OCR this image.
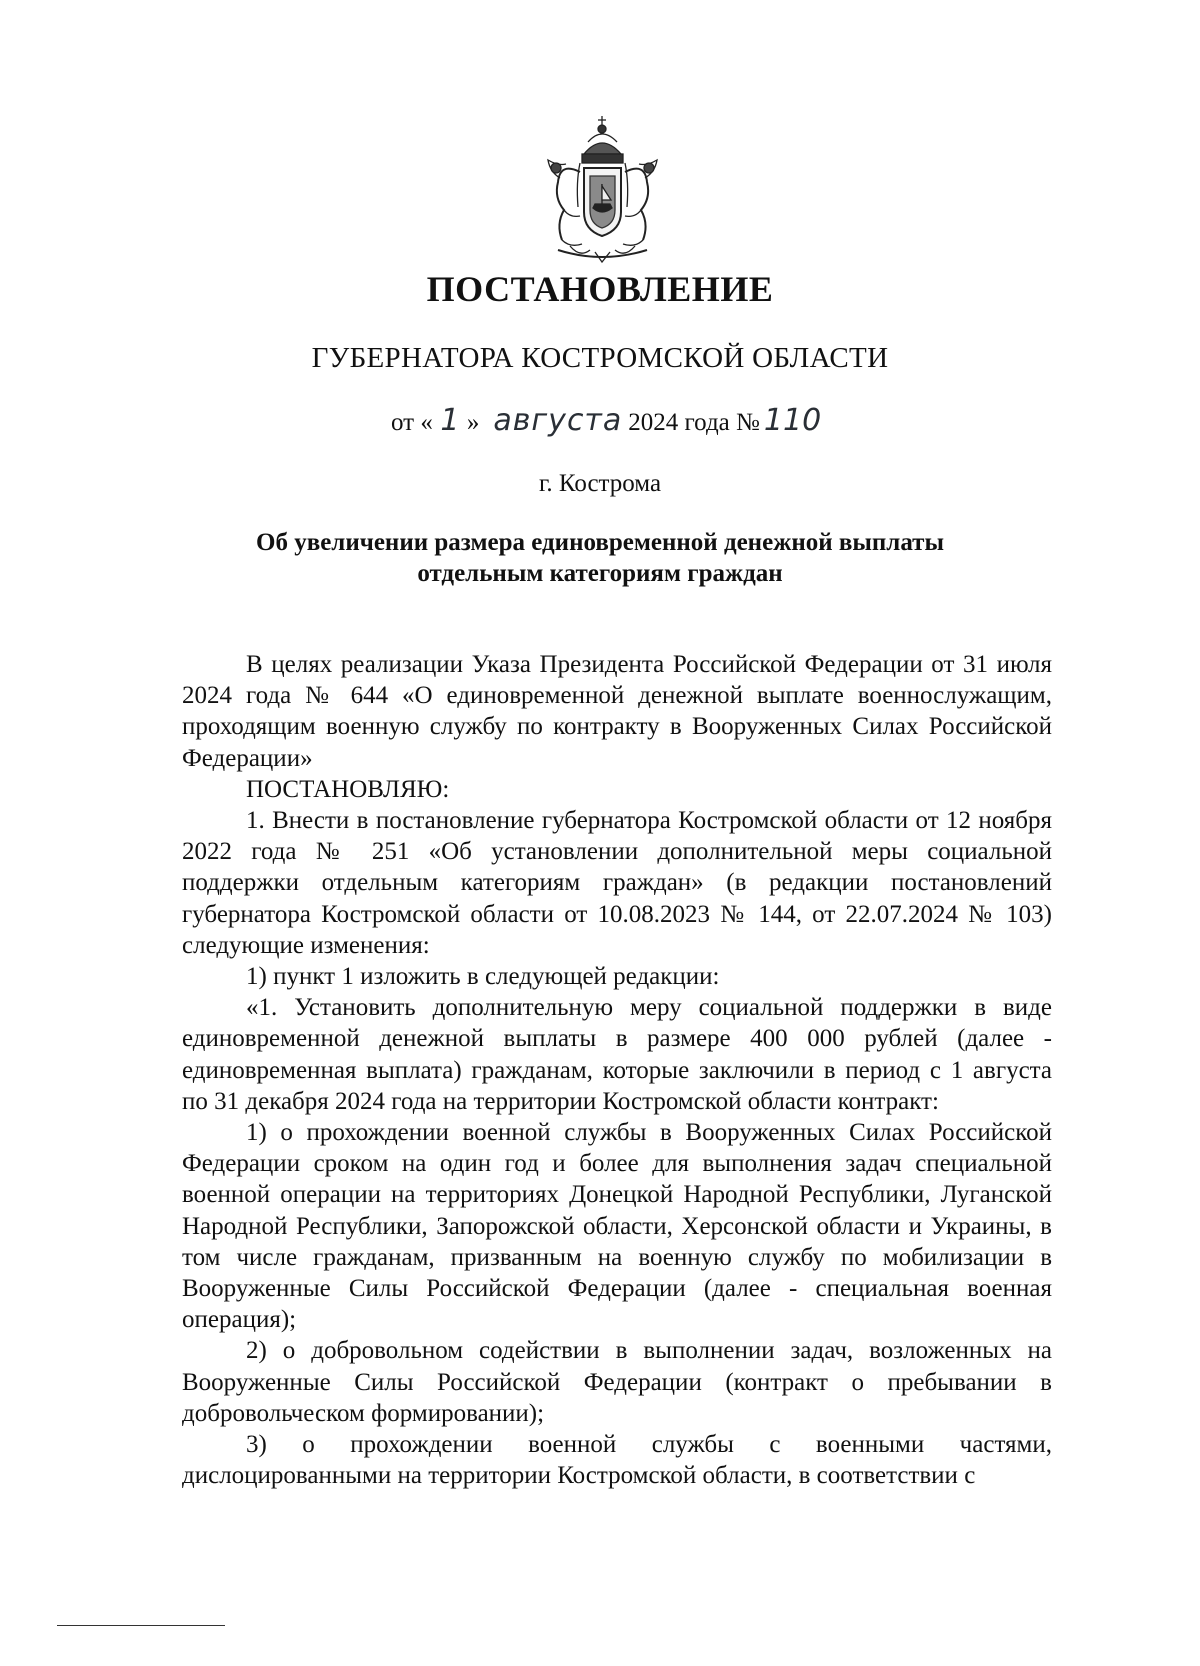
ПОСТАНОВЛЕНИЕ
ГУБЕРНАТОРА КОСТРОМСКОЙ ОБЛАСТИ
от « 1 » августа 2024 года № 110
г. Кострома
Об увеличении размера единовременной денежной выплаты
отдельным категориям граждан

В целях реализации Указа Президента Российской Федерации от 31 июля 2024 года № 644 «О единовременной денежной выплате военнослужащим, проходящим военную службу по контракту в Вооруженных Силах Российской Федерации»

ПОСТАНОВЛЯЮ:

1. Внести в постановление губернатора Костромской области от 12 ноября 2022 года № 251 «Об установлении дополнительной меры социальной поддержки отдельным категориям граждан» (в редакции постановлений губернатора Костромской области от 10.08.2023 № 144, от 22.07.2024 № 103) следующие изменения:

1) пункт 1 изложить в следующей редакции:

«1. Установить дополнительную меру социальной поддержки в виде единовременной денежной выплаты в размере 400 000 рублей (далее - единовременная выплата) гражданам, которые заключили в период с 1 августа по 31 декабря 2024 года на территории Костромской области контракт:

1) о прохождении военной службы в Вооруженных Силах Российской Федерации сроком на один год и более для выполнения задач специальной военной операции на территориях Донецкой Народной Республики, Луганской Народной Республики, Запорожской области, Херсонской области и Украины, в том числе гражданам, призванным на военную службу по мобилизации в Вооруженные Силы Российской Федерации (далее - специальная военная операция);

2) о добровольном содействии в выполнении задач, возложенных на Вооруженные Силы Российской Федерации (контракт о пребывании в добровольческом формировании);

3) о прохождении военной службы с военными частями, дислоцированными на территории Костромской области, в соответствии с
